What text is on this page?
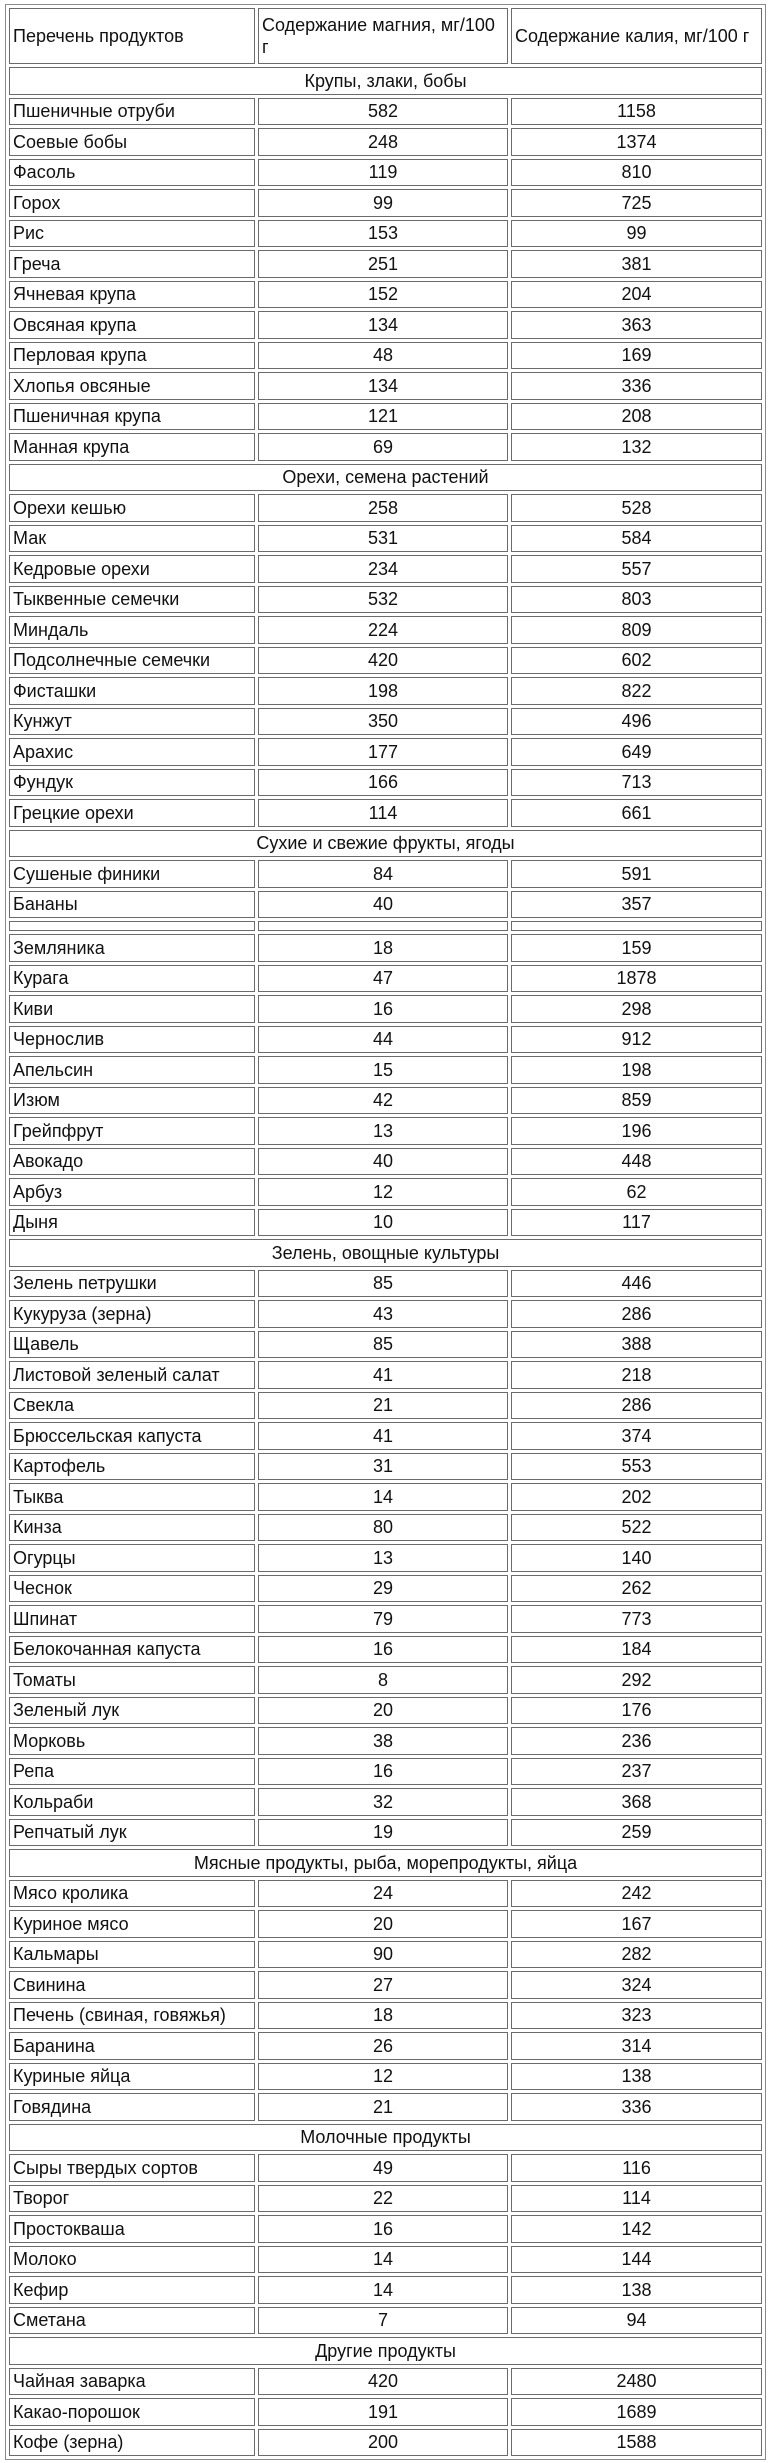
Перечень продуктов	Содержание магния, мг/100 г	Содержание калия, мг/100 г
Крупы, злаки, бобы		
Пшеничные отруби	582	1158
Соевые бобы	248	1374
Фасоль	119	810
Горох	99	725
Рис	153	99
Греча	251	381
Ячневая крупа	152	204
Овсяная крупа	134	363
Перловая крупа	48	169
Хлопья овсяные	134	336
Пшеничная крупа	121	208
Манная крупа	69	132
Орехи, семена растений		
Орехи кешью	258	528
Мак	531	584
Кедровые орехи	234	557
Тыквенные семечки	532	803
Миндаль	224	809
Подсолнечные семечки	420	602
Фисташки	198	822
Кунжут	350	496
Арахис	177	649
Фундук	166	713
Грецкие орехи	114	661
Сухие и свежие фрукты, ягоды		
Сушеные финики	84	591
Бананы	40	357

Земляника	18	159
Курага	47	1878
Киви	16	298
Чернослив	44	912
Апельсин	15	198
Изюм	42	859
Грейпфрут	13	196
Авокадо	40	448
Арбуз	12	62
Дыня	10	117
Зелень, овощные культуры		
Зелень петрушки	85	446
Кукуруза (зерна)	43	286
Щавель	85	388
Листовой зеленый салат	41	218
Свекла	21	286
Брюссельская капуста	41	374
Картофель	31	553
Тыква	14	202
Кинза	80	522
Огурцы	13	140
Чеснок	29	262
Шпинат	79	773
Белокочанная капуста	16	184
Томаты	8	292
Зеленый лук	20	176
Морковь	38	236
Репа	16	237
Кольраби	32	368
Репчатый лук	19	259
Мясные продукты, рыба, морепродукты, яйца		
Мясо кролика	24	242
Куриное мясо	20	167
Кальмары	90	282
Свинина	27	324
Печень (свиная, говяжья)	18	323
Баранина	26	314
Куриные яйца	12	138
Говядина	21	336
Молочные продукты		
Сыры твердых сортов	49	116
Творог	22	114
Простокваша	16	142
Молоко	14	144
Кефир	14	138
Сметана	7	94
Другие продукты		
Чайная заварка	420	2480
Какао-порошок	191	1689
Кофе (зерна)	200	1588
